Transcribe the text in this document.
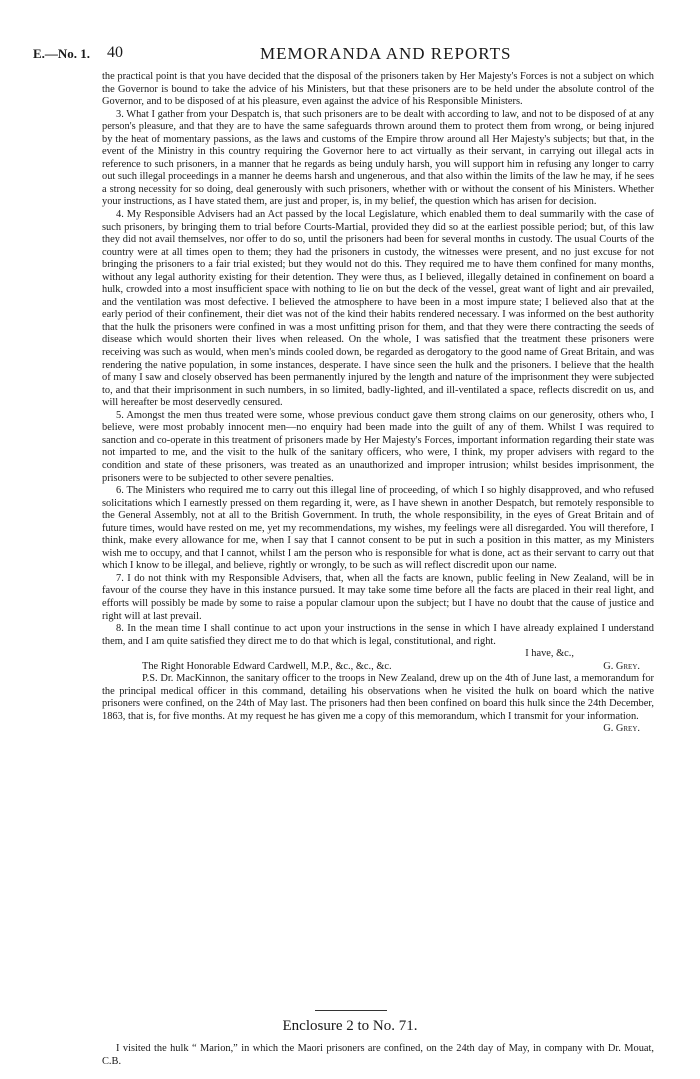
E.—No. 1. 40	MEMORANDA AND REPORTS

the practical point is that you have decided that the disposal of the prisoners taken by Her Majesty's Forces is not a subject on which the Governor is bound to take the advice of his Ministers, but that these prisoners are to be held under the absolute control of the Governor, and to be disposed of at his pleasure, even against the advice of his Responsible Ministers.

3. What I gather from your Despatch is, that such prisoners are to be dealt with according to law, and not to be disposed of at any person's pleasure, and that they are to have the same safeguards thrown around them to protect them from wrong, or being injured by the heat of momentary passions, as the laws and customs of the Empire throw around all Her Majesty's subjects; but that, in the event of the Ministry in this country requiring the Governor here to act virtually as their servant, in carrying out illegal acts in reference to such prisoners, in a manner that he regards as being unduly harsh, you will support him in refusing any longer to carry out such illegal proceedings in a manner he deems harsh and ungenerous, and that also within the limits of the law he may, if he sees a strong necessity for so doing, deal generously with such prisoners, whether with or without the consent of his Ministers. Whether your instructions, as I have stated them, are just and proper, is, in my belief, the question which has arisen for decision.

4. My Responsible Advisers had an Act passed by the local Legislature, which enabled them to deal summarily with the case of such prisoners, by bringing them to trial before Courts-Martial, provided they did so at the earliest possible period; but, of this law they did not avail themselves, nor offer to do so, until the prisoners had been for several months in custody. The usual Courts of the country were at all times open to them; they had the prisoners in custody, the witnesses were present, and no just excuse for not bringing the prisoners to a fair trial existed; but they would not do this. They required me to have them confined for many months, without any legal authority existing for their detention. They were thus, as I believed, illegally detained in confinement on board a hulk, crowded into a most insufficient space with nothing to lie on but the deck of the vessel, great want of light and air prevailed, and the ventilation was most defective. I believed the atmosphere to have been in a most impure state; I believed also that at the early period of their confinement, their diet was not of the kind their habits rendered necessary. I was informed on the best authority that the hulk the prisoners were confined in was a most unfitting prison for them, and that they were there contracting the seeds of disease which would shorten their lives when released. On the whole, I was satisfied that the treatment these prisoners were receiving was such as would, when men's minds cooled down, be regarded as derogatory to the good name of Great Britain, and was rendering the native population, in some instances, desperate. I have since seen the hulk and the prisoners. I believe that the health of many I saw and closely observed has been permanently injured by the length and nature of the imprisonment they were subjected to, and that their imprisonment in such numbers, in so limited, badly-lighted, and ill-ventilated a space, reflects discredit on us, and will hereafter be most deservedly censured.

5. Amongst the men thus treated were some, whose previous conduct gave them strong claims on our generosity, others who, I believe, were most probably innocent men—no enquiry had been made into the guilt of any of them. Whilst I was required to sanction and co-operate in this treatment of prisoners made by Her Majesty's Forces, important information regarding their state was not imparted to me, and the visit to the hulk of the sanitary officers, who were, I think, my proper advisers with regard to the condition and state of these prisoners, was treated as an unauthorized and improper intrusion; whilst besides imprisonment, the prisoners were to be subjected to other severe penalties.

6. The Ministers who required me to carry out this illegal line of proceeding, of which I so highly disapproved, and who refused solicitations which I earnestly pressed on them regarding it, were, as I have shewn in another Despatch, but remotely responsible to the General Assembly, not at all to the British Government. In truth, the whole responsibility, in the eyes of Great Britain and of future times, would have rested on me, yet my recommendations, my wishes, my feelings were all disregarded. You will therefore, I think, make every allowance for me, when I say that I cannot consent to be put in such a position in this matter, as my Ministers wish me to occupy, and that I cannot, whilst I am the person who is responsible for what is done, act as their servant to carry out that which I know to be illegal, and believe, rightly or wrongly, to be such as will reflect discredit upon our name.

7. I do not think with my Responsible Advisers, that, when all the facts are known, public feeling in New Zealand, will be in favour of the course they have in this instance pursued. It may take some time before all the facts are placed in their real light, and efforts will possibly be made by some to raise a popular clamour upon the subject; but I have no doubt that the cause of justice and right will at last prevail.

8. In the mean time I shall continue to act upon your instructions in the sense in which I have already explained I understand them, and I am quite satisfied they direct me to do that which is legal, constitutional, and right.

I have, &c.,

The Right Honorable Edward Cardwell, M.P., &c., &c., &c.	G. Grey.

P.S. Dr. MacKinnon, the sanitary officer to the troops in New Zealand, drew up on the 4th of June last, a memorandum for the principal medical officer in this command, detailing his observations when he visited the hulk on board which the native prisoners were confined, on the 24th of May last. The prisoners had then been confined on board this hulk since the 24th December, 1863, that is, for five months. At my request he has given me a copy of this memorandum, which I transmit for your information.

G. Grey.

Enclosure 2 to No. 71.

I visited the hulk “ Marion,” in which the Maori prisoners are confined, on the 24th day of May, in company with Dr. Mouat, C.B.
